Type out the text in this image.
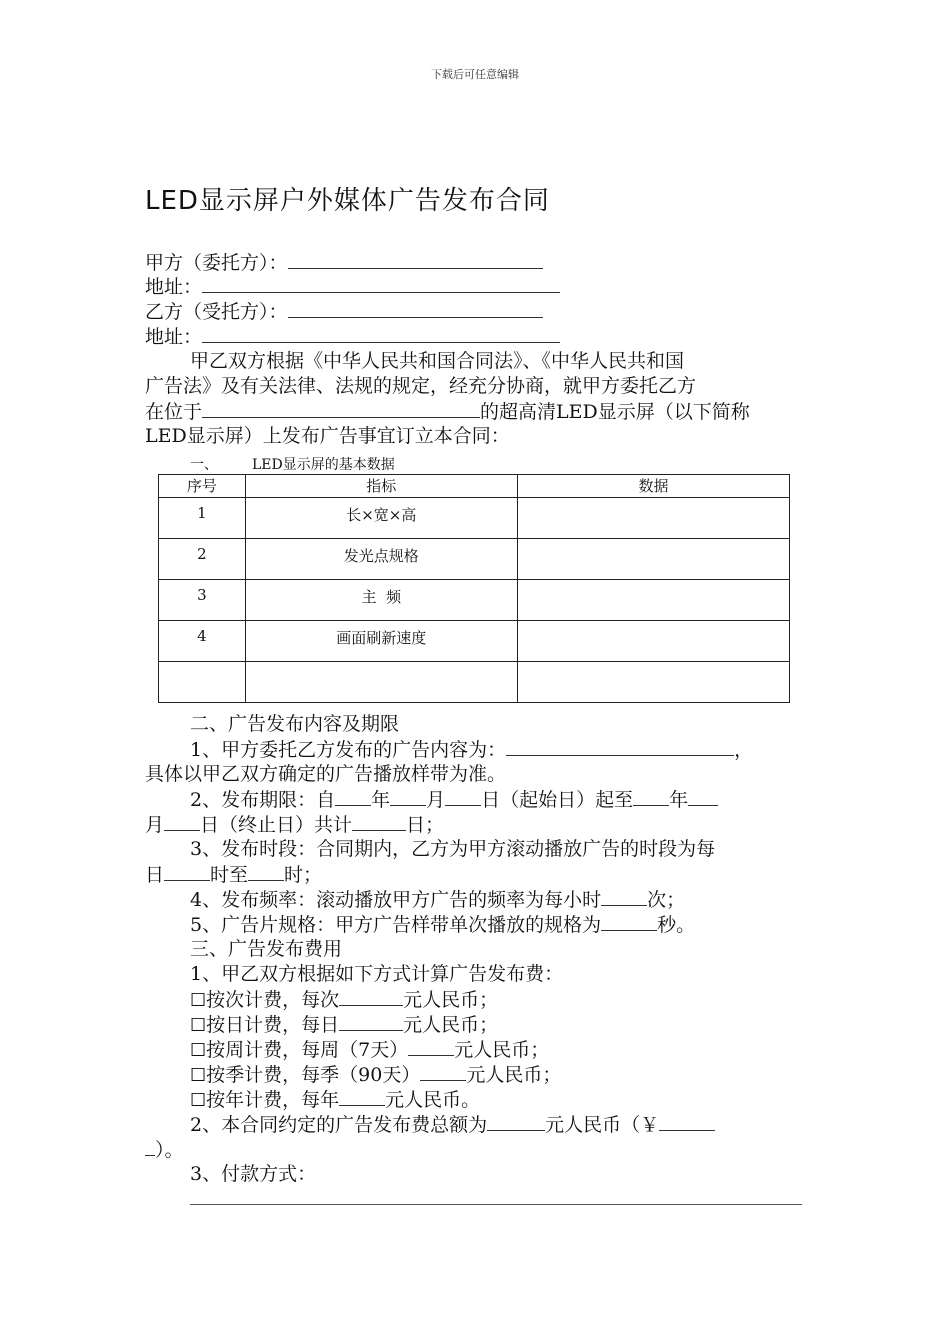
下载后可任意编辑
LED显示屏户外媒体广告发布合同
甲方（委托方）：
地址：
乙方（受托方）：
地址：
甲乙双方根据《中华人民共和国合同法》、《中华人民共和国
广告法》及有关法律、法规的规定，经充分协商，就甲方委托乙方
在位于	的超高清LED显示屏（以下简称
LED显示屏）上发布广告事宜订立本合同：
一、 LED显示屏的基本数据
序号	指标	数据
1	长×宽×高	
2	发光点规格	
3	主  频	
4	画面刷新速度	

二、广告发布内容及期限
1、甲方委托乙方发布的广告内容为：	，
具体以甲乙双方确定的广告播放样带为准。
2、发布期限：自 年 月 日（起始日）起至 年
月 日（终止日）共计	日；
3、发布时段：合同期内，乙方为甲方滚动播放广告的时段为每
日 时至 时；
4、发布频率：滚动播放甲方广告的频率为每小时 次；
5、广告片规格：甲方广告样带单次播放的规格为	秒。
三、广告发布费用
1、甲乙双方根据如下方式计算广告发布费：
☐按次计费，每次	元人民币；
☐按日计费，每日	元人民币；
☐按周计费，每周（7天） 元人民币；
☐按季计费，每季（90天） 元人民币；
☐按年计费，每年 元人民币。
2、本合同约定的广告发布费总额为	元人民币（￥
）。
3、付款方式：
